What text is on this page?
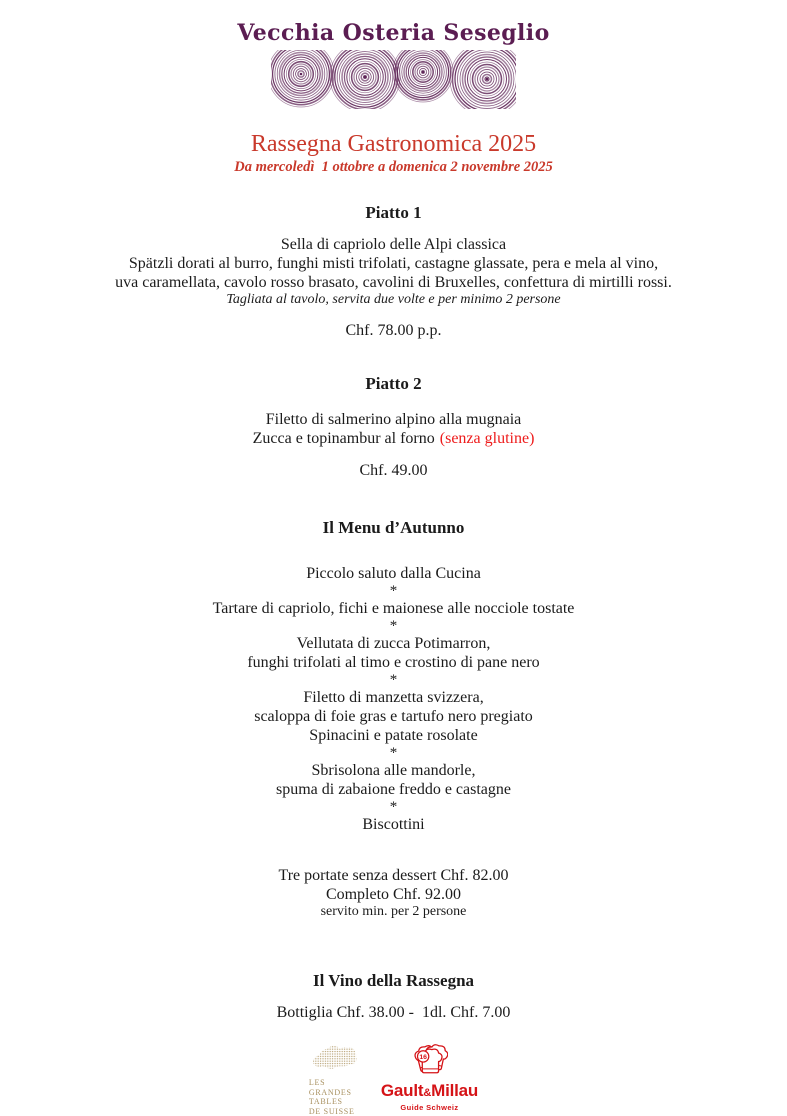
Vecchia Osteria Seseglio
Rassegna Gastronomica 2025
Da mercoledì  1 ottobre a domenica 2 novembre 2025
Piatto 1
Sella di capriolo delle Alpi classica
Spätzli dorati al burro, funghi misti trifolati, castagne glassate, pera e mela al vino,
uva caramellata, cavolo rosso brasato, cavolini di Bruxelles, confettura di mirtilli rossi.
Tagliata al tavolo, servita due volte e per minimo 2 persone
Chf. 78.00 p.p.
Piatto 2
Filetto di salmerino alpino alla mugnaia
Zucca e topinambur al forno (senza glutine)
Chf. 49.00
Il Menu d’Autunno
Piccolo saluto dalla Cucina
*
Tartare di capriolo, fichi e maionese alle nocciole tostate
*
Vellutata di zucca Potimarron,
funghi trifolati al timo e crostino di pane nero
*
Filetto di manzetta svizzera,
scaloppa di foie gras e tartufo nero pregiato
Spinacini e patate rosolate
*
Sbrisolona alle mandorle,
spuma di zabaione freddo e castagne
*
Biscottini
Tre portate senza dessert Chf. 82.00
Completo Chf. 92.00
servito min. per 2 persone
Il Vino della Rassegna
Bottiglia Chf. 38.00 -  1dl. Chf. 7.00
LES
GRANDES
TABLES
DE SUISSE
16
Gault&Millau
Guide Schweiz
